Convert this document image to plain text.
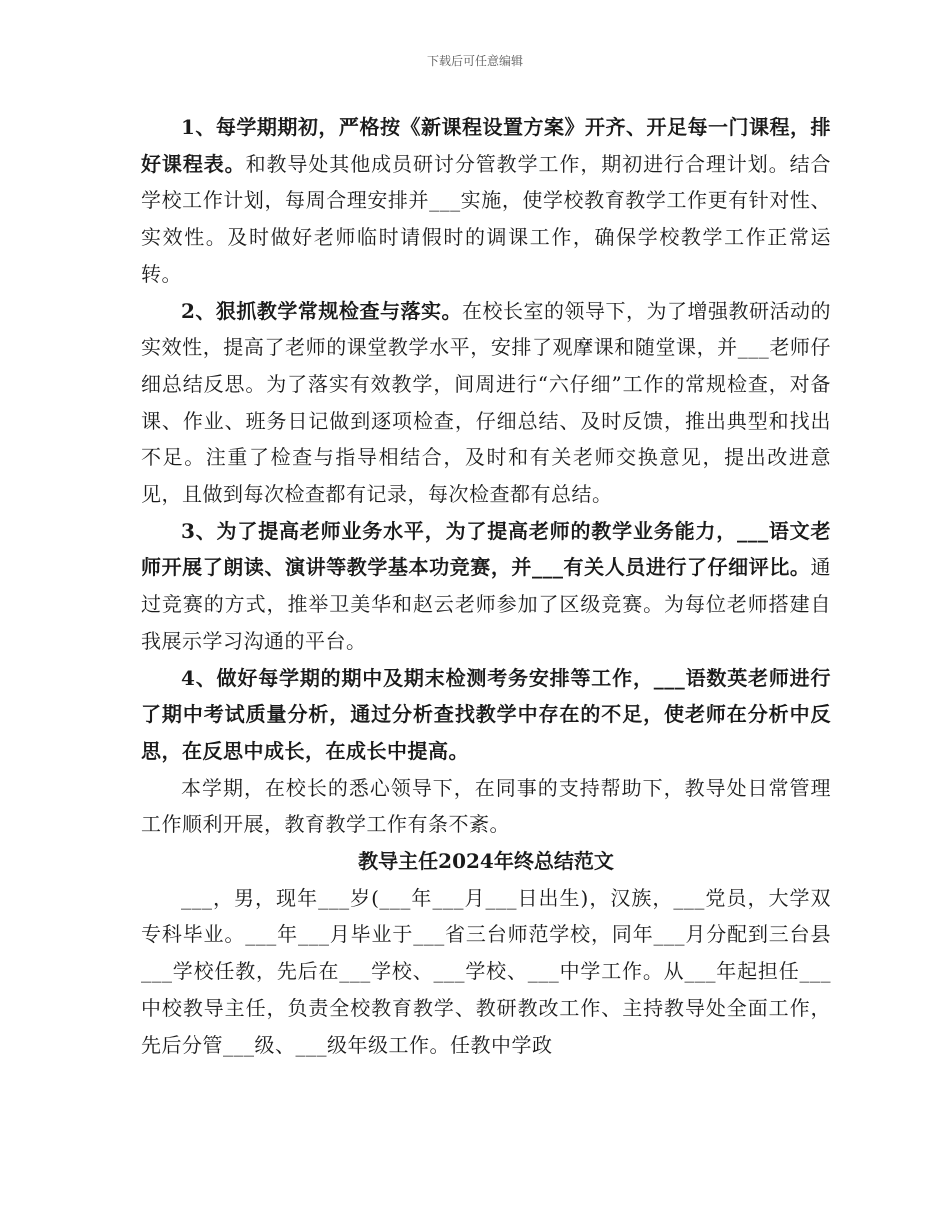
下载后可任意编辑

1、每学期期初，严格按《新课程设置方案》开齐、开足每一门课程，排好课程表。和教导处其他成员研讨分管教学工作，期初进行合理计划。结合学校工作计划，每周合理安排并___实施，使学校教育教学工作更有针对性、实效性。及时做好老师临时请假时的调课工作，确保学校教学工作正常运转。

2、狠抓教学常规检查与落实。在校长室的领导下，为了增强教研活动的实效性，提高了老师的课堂教学水平，安排了观摩课和随堂课，并___老师仔细总结反思。为了落实有效教学，间周进行“六仔细”工作的常规检查，对备课、作业、班务日记做到逐项检查，仔细总结、及时反馈，推出典型和找出不足。注重了检查与指导相结合，及时和有关老师交换意见，提出改进意见，且做到每次检查都有记录，每次检查都有总结。

3、为了提高老师业务水平，为了提高老师的教学业务能力，___语文老师开展了朗读、演讲等教学基本功竞赛，并___有关人员进行了仔细评比。通过竞赛的方式，推举卫美华和赵云老师参加了区级竞赛。为每位老师搭建自我展示学习沟通的平台。

4、做好每学期的期中及期末检测考务安排等工作，___语数英老师进行了期中考试质量分析，通过分析查找教学中存在的不足，使老师在分析中反思，在反思中成长，在成长中提高。

本学期，在校长的悉心领导下，在同事的支持帮助下，教导处日常管理工作顺利开展，教育教学工作有条不紊。

教导主任2024年终总结范文

___，男，现年___岁(___年___月___日出生)，汉族，___党员，大学双专科毕业。___年___月毕业于___省三台师范学校，同年___月分配到三台县___学校任教，先后在___学校、___学校、___中学工作。从___年起担任___中校教导主任，负责全校教育教学、教研教改工作、主持教导处全面工作，先后分管___级、___级年级工作。任教中学政
